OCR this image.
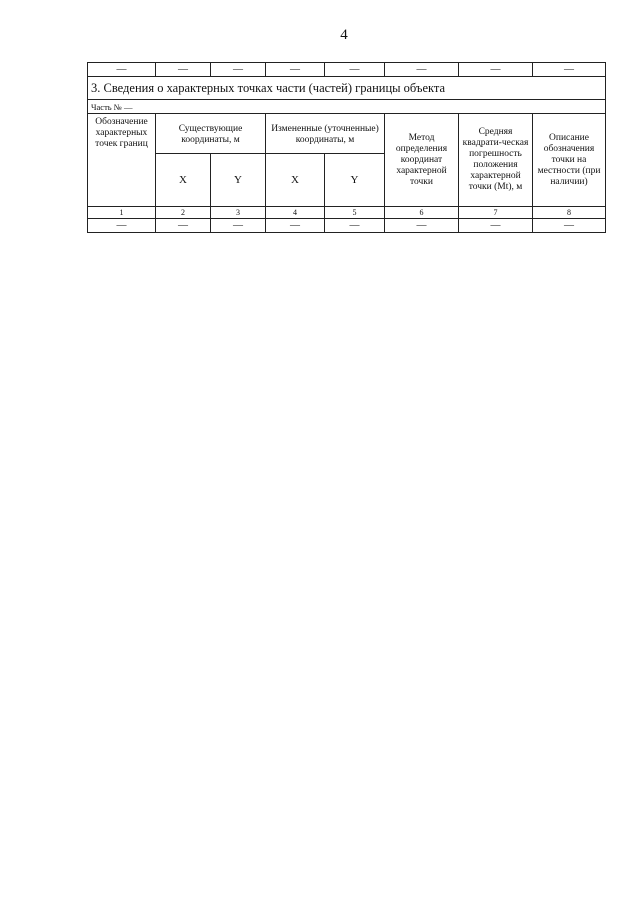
4
—	—	—	—	—	—	—	—
3. Сведения о характерных точках части (частей) границы объекта							
Часть № —							

Обозначение характерных точек границ	Существующие координаты, м		Измененные (уточненные) координаты, м		Метод определения координат характерной точки	Средняя квадрати-ческая погрешность положения характерной точки (Mt), м	Описание обозначения точки на местности (при наличии)

	X	Y	X	Y			
1	2	3	4	5	6	7	8
—	—	—	—	—	—	—	—
